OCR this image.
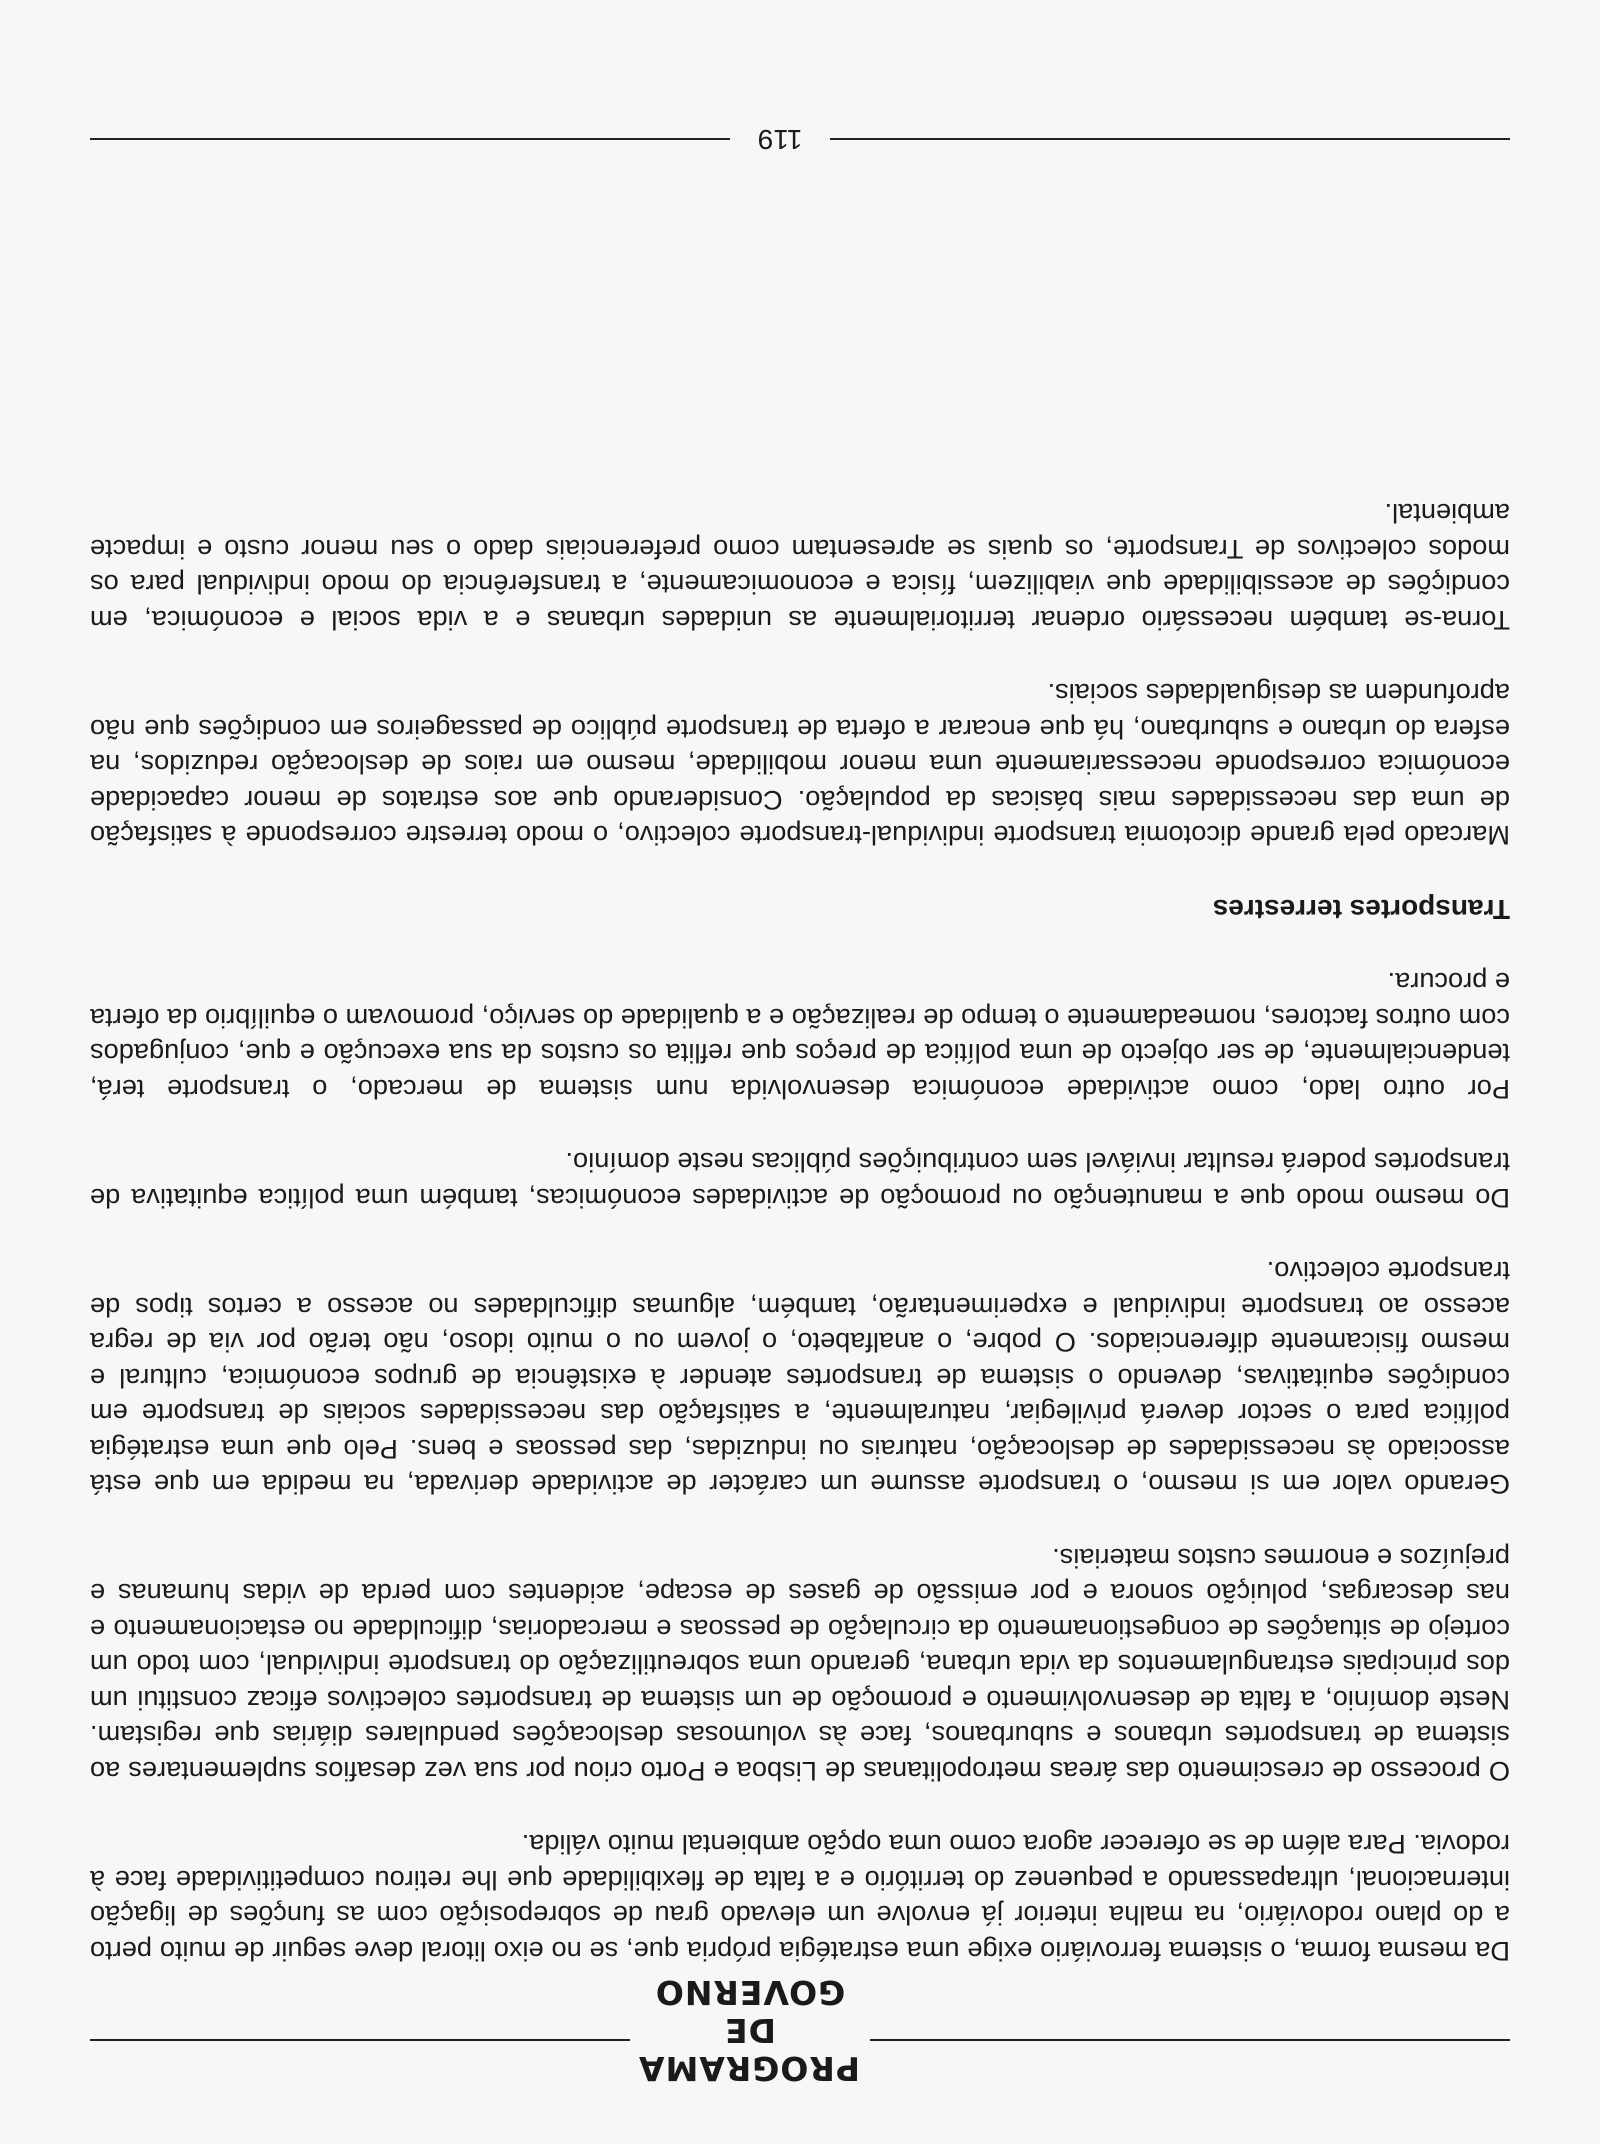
PROGRAMA
DE GOVERNO

Da mesma forma, o sistema ferroviário exige uma estratégia própria que, se no eixo litoral deve seguir de muito perto a do plano rodoviário, na malha interior já envolve um elevado grau de sobreposição com as funções de ligação internacional, ultrapassando a pequenez do território e a falta de flexibilidade que lhe retirou competitividade face à rodovia. Para além de se oferecer agora como uma opção ambiental muito válida.

O processo de crescimento das áreas metropolitanas de Lisboa e Porto criou por sua vez desafios suplementares ao sistema de transportes urbanos e suburbanos, face às volumosas deslocações pendulares diárias que registam. Neste domínio, a falta de desenvolvimento e promoção de um sistema de transportes colectivos eficaz constitui um dos principais estrangulamentos da vida urbana, gerando uma sobreutilização do transporte individual, com todo um cortejo de situações de congestionamento da circulação de pessoas e mercadorias, dificuldade no estacionamento e nas descargas, poluição sonora e por emissão de gases de escape, acidentes com perda de vidas humanas e prejuízos e enormes custos materiais.

Gerando valor em si mesmo, o transporte assume um carácter de actividade derivada, na medida em que está associado às necessidades de deslocação, naturais ou induzidas, das pessoas e bens. Pelo que uma estratégia política para o sector deverá privilegiar, naturalmente, a satisfação das necessidades sociais de transporte em condições equitativas, devendo o sistema de transportes atender à existência de grupos económica, cultural e mesmo fisicamente diferenciados. O pobre, o analfabeto, o jovem ou o muito idoso, não terão por via de regra acesso ao transporte individual e experimentarão, também, algumas dificuldades no acesso a certos tipos de transporte colectivo.

Do mesmo modo que a manutenção ou promoção de actividades económicas, também uma política equitativa de transportes poderá resultar inviável sem contribuições públicas neste domínio.

Por outro lado, como actividade económica desenvolvida num sistema de mercado, o transporte terá, tendencialmente, de ser objecto de uma política de preços que reflita os custos da sua execução e que, conjugados com outros factores, nomeadamente o tempo de realização e a qualidade do serviço, promovam o equilíbrio da oferta e procura.

Transportes terrestres

Marcado pela grande dicotomia transporte individual-transporte colectivo, o modo terrestre corresponde à satisfação de uma das necessidades mais básicas da população. Considerando que aos estratos de menor capacidade económica corresponde necessariamente uma menor mobilidade, mesmo em raios de deslocação reduzidos, na esfera do urbano e suburbano, há que encarar a oferta de transporte público de passageiros em condições que não aprofundem as desigualdades sociais.

Torna-se também necessário ordenar territorialmente as unidades urbanas e a vida social e económica, em condições de acessibilidade que viabilizem, física e economicamente, a transferência do modo individual para os modos colectivos de Transporte, os quais se apresentam como preferenciais dado o seu menor custo e impacte ambiental.

119
